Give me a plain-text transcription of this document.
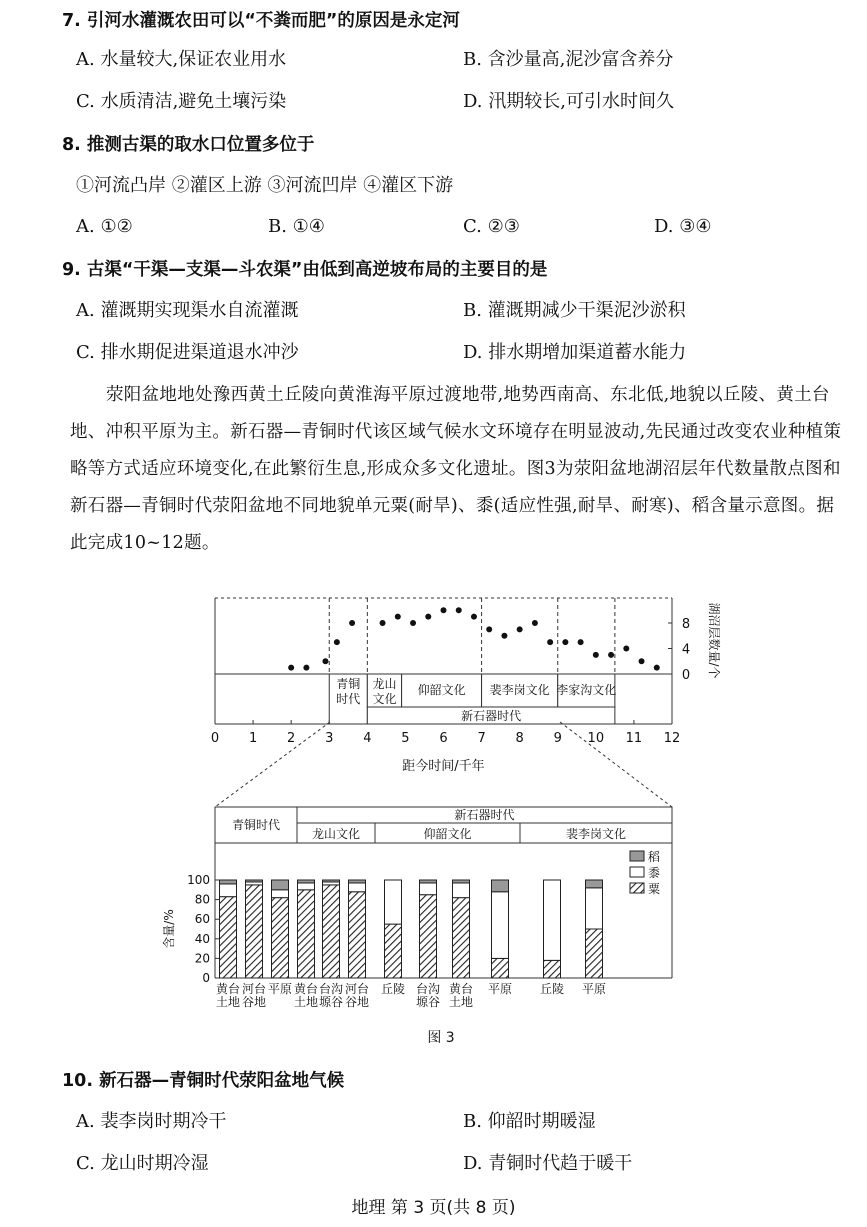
7. 引河水灌溉农田可以“不粪而肥”的原因是永定河
A. 水量较大,保证农业用水	B. 含沙量高,泥沙富含养分
C. 水质清洁,避免土壤污染	D. 汛期较长,可引水时间久
8. 推测古渠的取水口位置多位于
①河流凸岸 ②灌区上游 ③河流凹岸 ④灌区下游
A. ①②	B. ①④	C. ②③	D. ③④
9. 古渠“干渠—支渠—斗农渠”由低到高逆坡布局的主要目的是
A. 灌溉期实现渠水自流灌溉	B. 灌溉期减少干渠泥沙淤积
C. 排水期促进渠道退水冲沙	D. 排水期增加渠道蓄水能力
荥阳盆地地处豫西黄土丘陵向黄淮海平原过渡地带,地势西南高、东北低,地貌以丘陵、黄土台地、冲积平原为主。新石器—青铜时代该区域气候水文环境存在明显波动,先民通过改变农业种植策略等方式适应环境变化,在此繁衍生息,形成众多文化遗址。图3为荥阳盆地湖沼层年代数量散点图和新石器—青铜时代荥阳盆地不同地貌单元粟(耐旱)、黍(适应性强,耐旱、耐寒)、稻含量示意图。据此完成10~12题。
0 1 2 3 4 5 6 7 8 9 10 11 12
距今时间/千年
0
4
8 湖沼层数量/个
青铜
时代
龙山
文化
仰韶文化 裴李岗文化 李家沟文化
新石器时代
青铜时代
新石器时代
龙山文化	仰韶文化	裴李岗文化
0
20
40
60
80
100
含量/%
黄
土
台
地
河
谷
台
地
平 原 黄
土
台
地
台
塬
沟
谷
河
谷
台
地
丘 陵 台
塬
沟
谷
黄
土
台
地
平 原 丘 陵 平 原
稻
黍
粟
图 3
10. 新石器—青铜时代荥阳盆地气候
A. 裴李岗时期冷干	B. 仰韶时期暖湿
C. 龙山时期冷湿	D. 青铜时代趋于暖干
地理 第 3 页(共 8 页)
